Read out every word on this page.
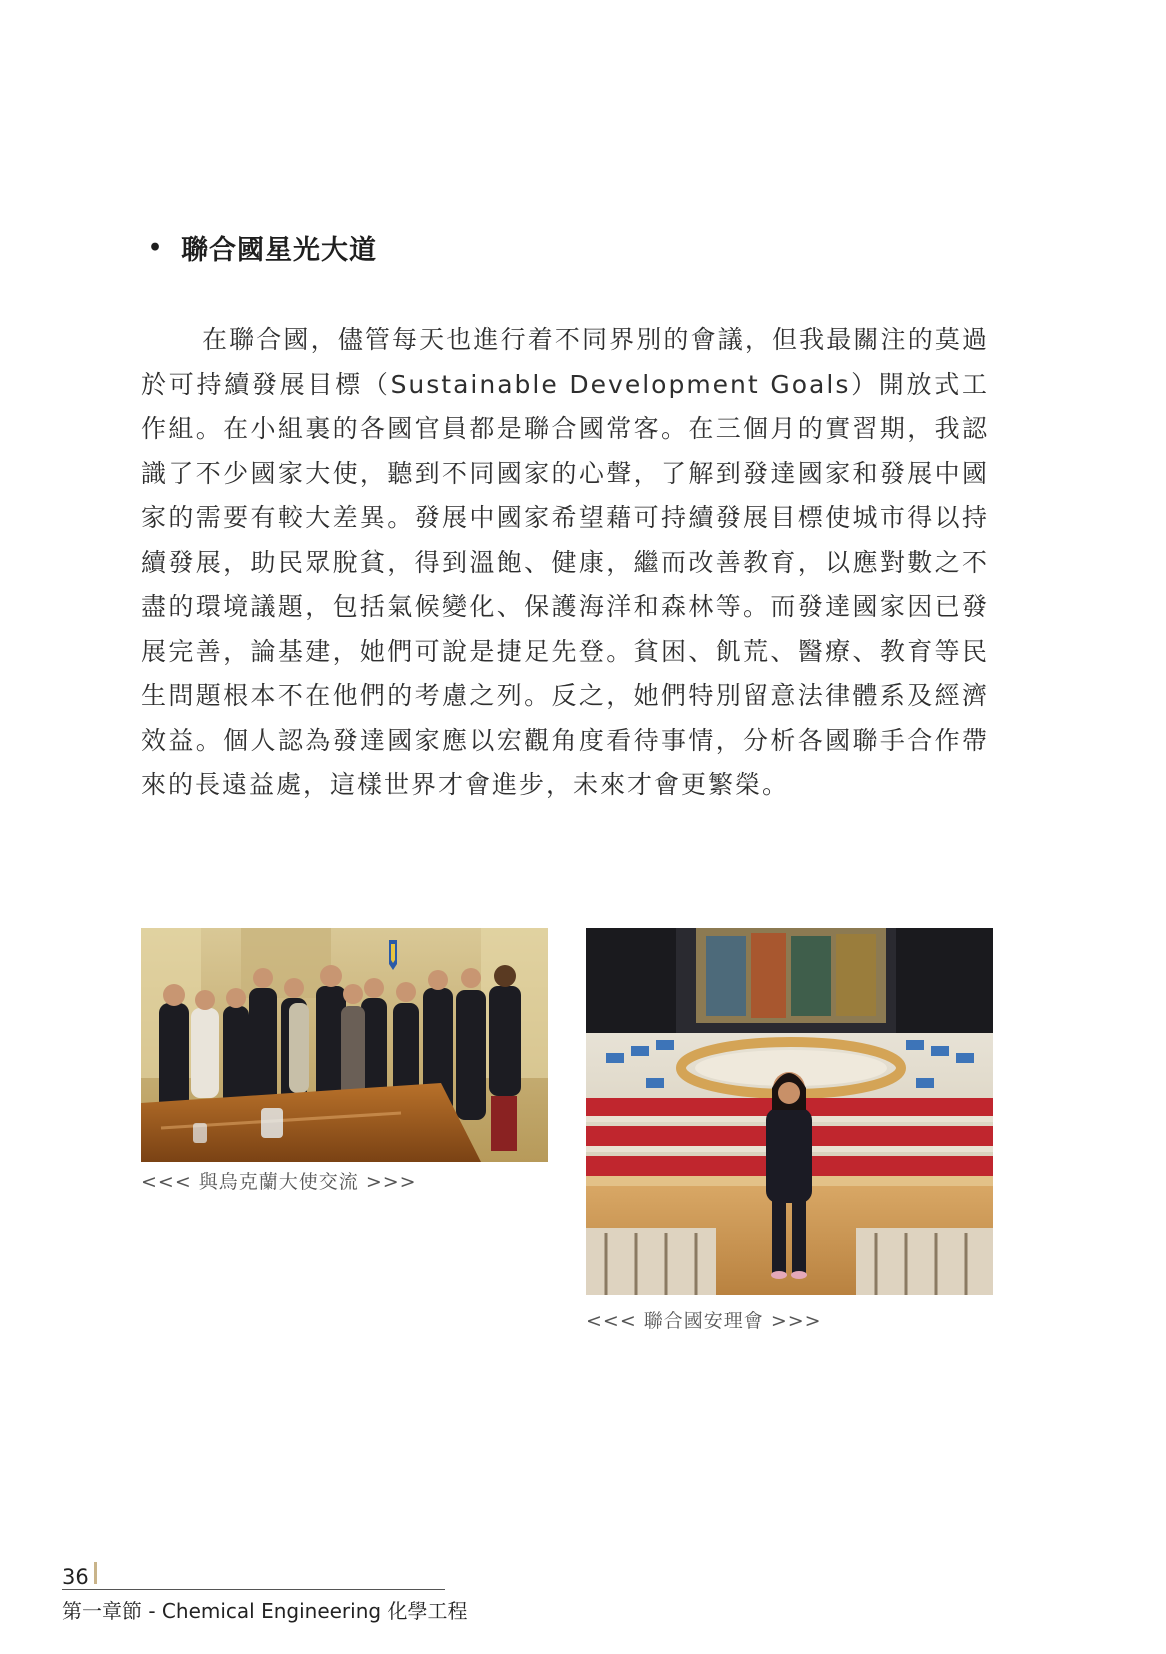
• 聯合國星光大道

在聯合國，儘管每天也進行着不同界別的會議，但我最關注的莫過於可持續發展目標（Sustainable Development Goals）開放式工作組。在小組裏的各國官員都是聯合國常客。在三個月的實習期，我認識了不少國家大使，聽到不同國家的心聲，了解到發達國家和發展中國家的需要有較大差異。發展中國家希望藉可持續發展目標使城市得以持續發展，助民眾脫貧，得到溫飽、健康，繼而改善教育，以應對數之不盡的環境議題，包括氣候變化、保護海洋和森林等。而發達國家因已發展完善，論基建，她們可說是捷足先登。貧困、飢荒、醫療、教育等民生問題根本不在他們的考慮之列。反之，她們特別留意法律體系及經濟效益。個人認為發達國家應以宏觀角度看待事情，分析各國聯手合作帶來的長遠益處，這樣世界才會進步，未來才會更繁榮。

<<< 與烏克蘭大使交流 >>>
<<< 聯合國安理會 >>>
36
第一章節 - Chemical Engineering 化學工程
